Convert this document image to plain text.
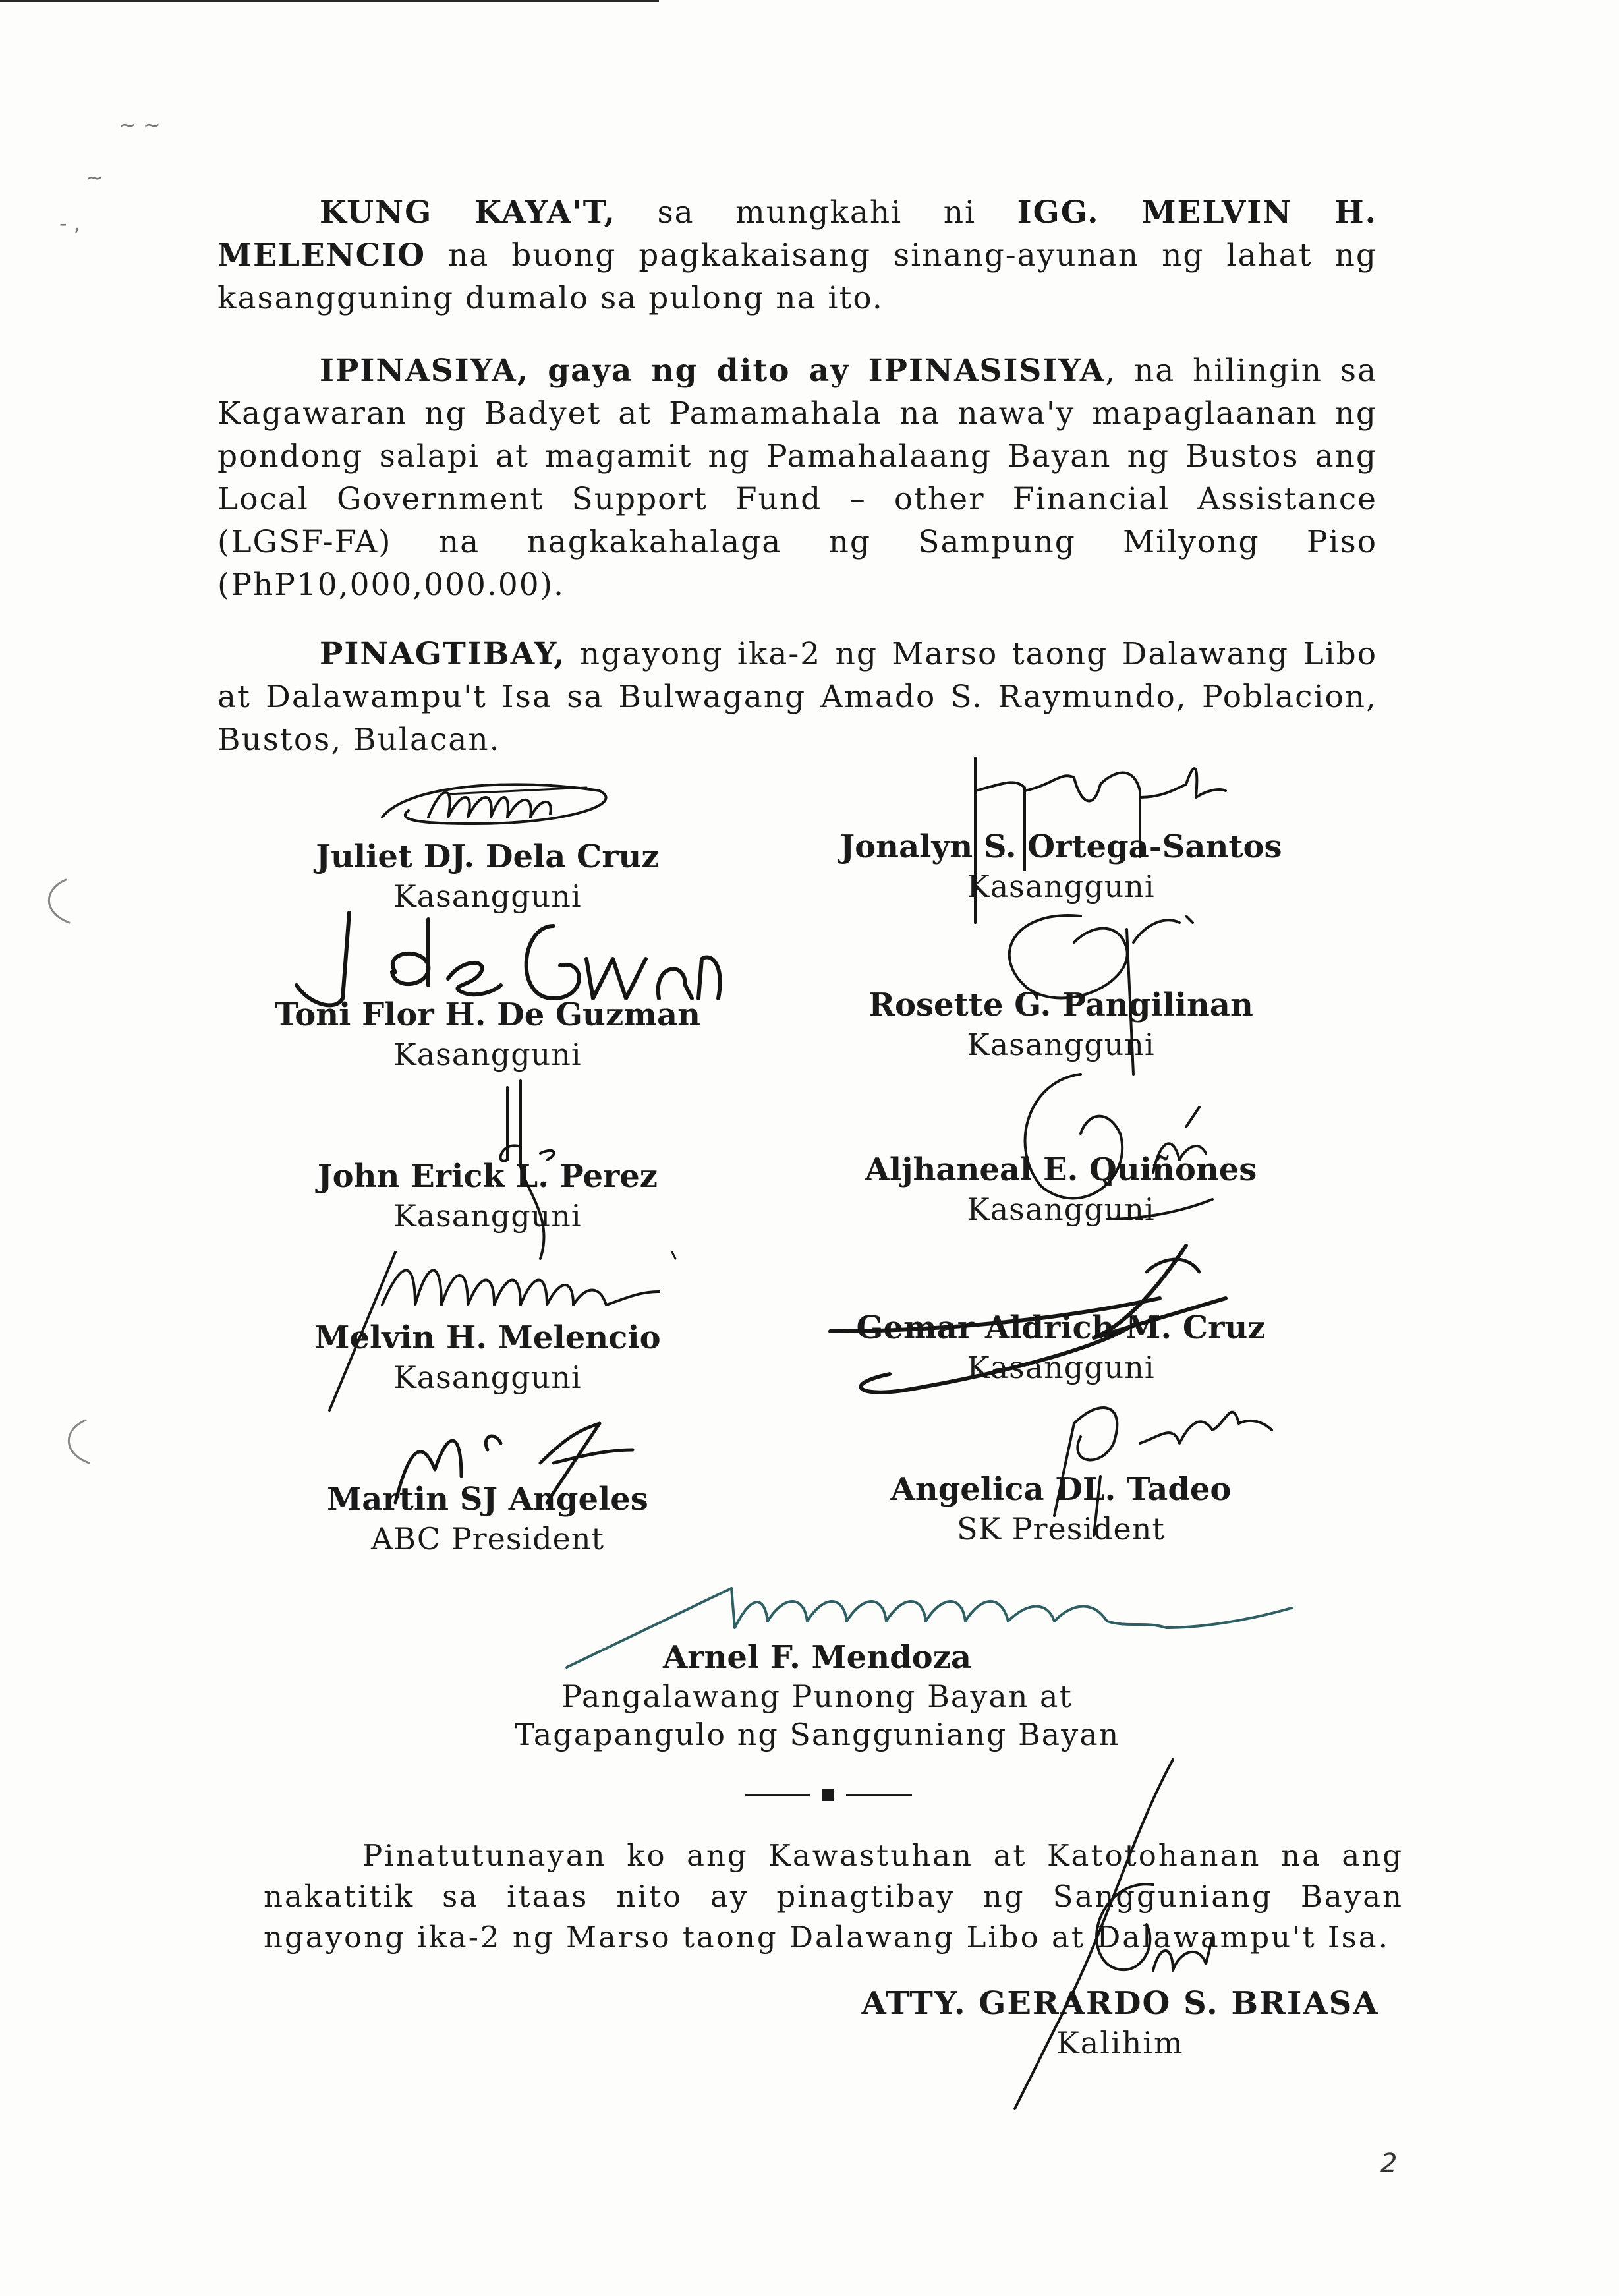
~ ~
~
- ,	KUNG KAYA'T, sa mungkahi ni IGG. MELVIN H. MELENCIO na buong pagkakaisang sinang-ayunan ng lahat ng kasangguning dumalo sa pulong na ito.

IPINASIYA, gaya ng dito ay IPINASISIYA, na hilingin sa Kagawaran ng Badyet at Pamamahala na nawa'y mapaglaanan ng pondong salapi at magamit ng Pamahalaang Bayan ng Bustos ang Local Government Support Fund – other Financial Assistance (LGSF-FA) na nagkakahalaga ng Sampung Milyong Piso (PhP10,000,000.00).

PINAGTIBAY, ngayong ika-2 ng Marso taong Dalawang Libo at Dalawampu't Isa sa Bulwagang Amado S. Raymundo, Poblacion, Bustos, Bulacan.

Juliet DJ. Dela Cruz
Kasangguni
Jonalyn S. Ortega-Santos
Kasangguni
Toni Flor H. De Guzman
Kasangguni
Rosette G. Pangilinan
Kasangguni
John Erick L. Perez
Kasangguni
Aljhaneal E. Quiñones
Kasangguni
Melvin H. Melencio
Kasangguni
Gemar Aldrich M. Cruz
Kasangguni
Martin SJ Angeles
ABC President
Angelica DL. Tadeo
SK President
Arnel F. Mendoza
Pangalawang Punong Bayan at
Tagapangulo ng Sangguniang Bayan

Pinatutunayan ko ang Kawastuhan at Katotohanan na ang nakatitik sa itaas nito ay pinagtibay ng Sangguniang Bayan ngayong ika-2 ng Marso taong Dalawang Libo at Dalawampu't Isa.

ATTY. GERARDO S. BRIASA
Kalihim
2
